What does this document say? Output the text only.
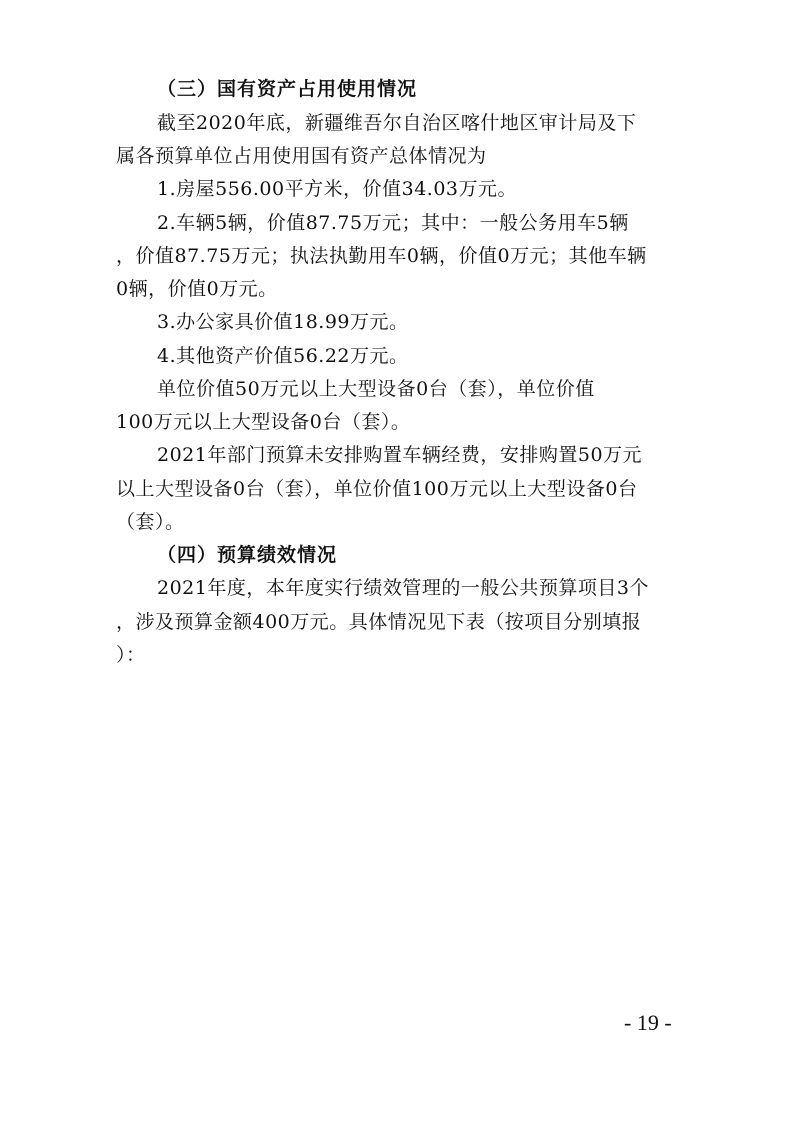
（三）国有资产占用使用情况
截至2020年底，新疆维吾尔自治区喀什地区审计局及下
属各预算单位占用使用国有资产总体情况为
1.房屋556.00平方米，价值34.03万元。
2.车辆5辆，价值87.75万元；其中：一般公务用车5辆
，价值87.75万元；执法执勤用车0辆，价值0万元；其他车辆
0辆，价值0万元。
3.办公家具价值18.99万元。
4.其他资产价值56.22万元。
单位价值50万元以上大型设备0台（套），单位价值
100万元以上大型设备0台（套）。
2021年部门预算未安排购置车辆经费，安排购置50万元
以上大型设备0台（套），单位价值100万元以上大型设备0台
（套）。
（四）预算绩效情况
2021年度，本年度实行绩效管理的一般公共预算项目3个
，涉及预算金额400万元。具体情况见下表（按项目分别填报
）：
- 19 -
